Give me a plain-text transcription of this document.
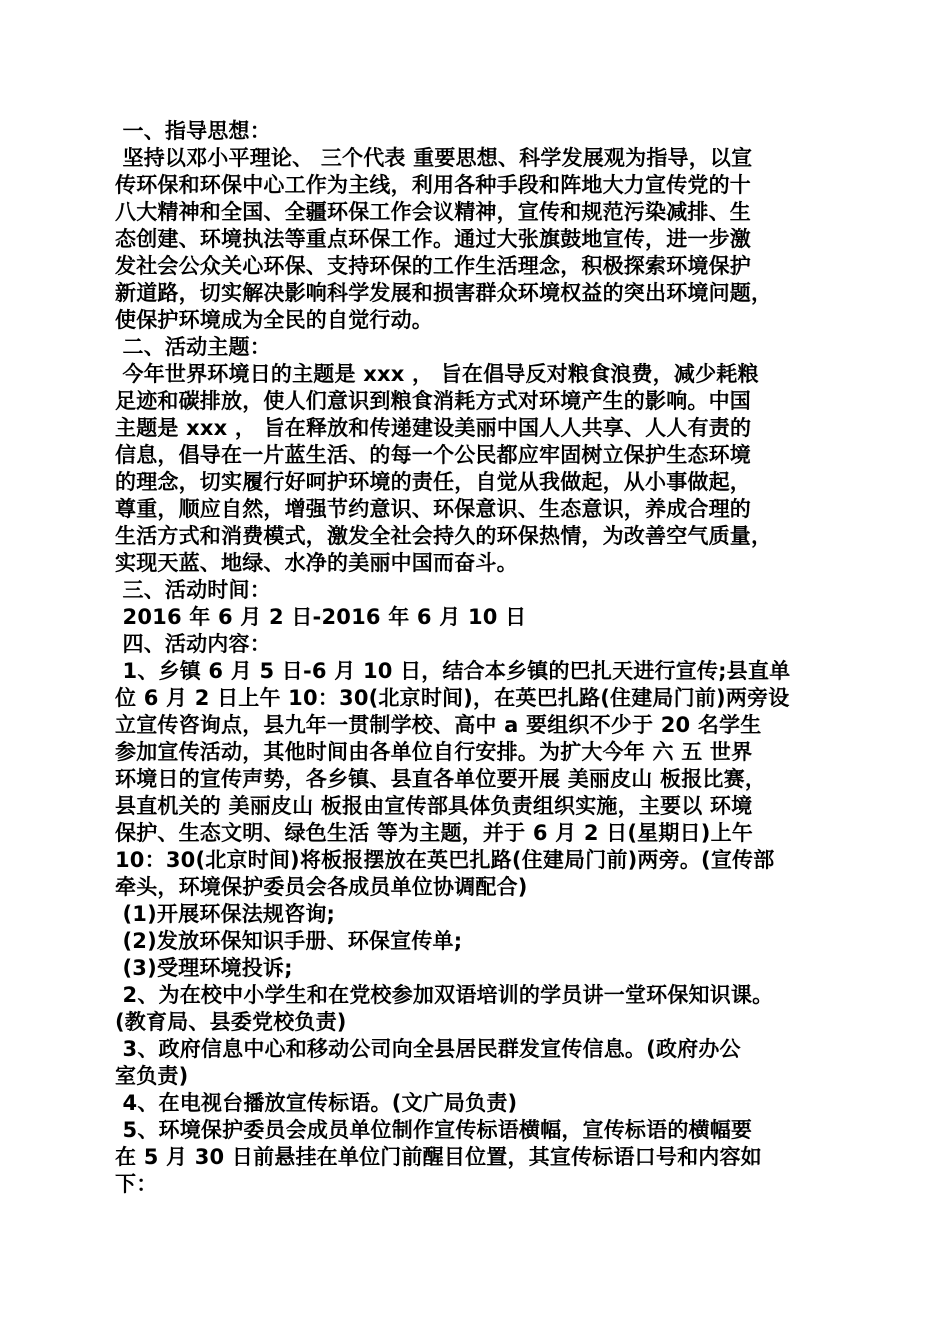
一、指导思想：
坚持以邓小平理论、 三个代表 重要思想、科学发展观为指导，以宣
传环保和环保中心工作为主线，利用各种手段和阵地大力宣传党的十
八大精神和全国、全疆环保工作会议精神，宣传和规范污染减排、生
态创建、环境执法等重点环保工作。通过大张旗鼓地宣传，进一步激
发社会公众关心环保、支持环保的工作生活理念，积极探索环境保护
新道路，切实解决影响科学发展和损害群众环境权益的突出环境问题，
使保护环境成为全民的自觉行动。
二、活动主题：
今年世界环境日的主题是 xxx ， 旨在倡导反对粮食浪费，减少耗粮
足迹和碳排放，使人们意识到粮食消耗方式对环境产生的影响。中国
主题是 xxx ， 旨在释放和传递建设美丽中国人人共享、人人有责的
信息，倡导在一片蓝生活、的每一个公民都应牢固树立保护生态环境
的理念，切实履行好呵护环境的责任，自觉从我做起，从小事做起，
尊重，顺应自然，增强节约意识、环保意识、生态意识，养成合理的
生活方式和消费模式，激发全社会持久的环保热情，为改善空气质量，
实现天蓝、地绿、水净的美丽中国而奋斗。
三、活动时间：
2016 年 6 月 2 日-2016 年 6 月 10 日
四、活动内容：
1、乡镇 6 月 5 日-6 月 10 日，结合本乡镇的巴扎天进行宣传;县直单
位 6 月 2 日上午 10：30(北京时间)，在英巴扎路(住建局门前)两旁设
立宣传咨询点，县九年一贯制学校、高中 a 要组织不少于 20 名学生
参加宣传活动，其他时间由各单位自行安排。为扩大今年 六 五 世界
环境日的宣传声势，各乡镇、县直各单位要开展 美丽皮山 板报比赛，
县直机关的 美丽皮山 板报由宣传部具体负责组织实施，主要以 环境
保护、生态文明、绿色生活 等为主题，并于 6 月 2 日(星期日)上午
10：30(北京时间)将板报摆放在英巴扎路(住建局门前)两旁。(宣传部
牵头，环境保护委员会各成员单位协调配合)
(1)开展环保法规咨询;
(2)发放环保知识手册、环保宣传单;
(3)受理环境投诉;
2、为在校中小学生和在党校参加双语培训的学员讲一堂环保知识课。
(教育局、县委党校负责)
3、政府信息中心和移动公司向全县居民群发宣传信息。(政府办公
室负责)
4、在电视台播放宣传标语。(文广局负责)
5、环境保护委员会成员单位制作宣传标语横幅，宣传标语的横幅要
在 5 月 30 日前悬挂在单位门前醒目位置，其宣传标语口号和内容如
下：
